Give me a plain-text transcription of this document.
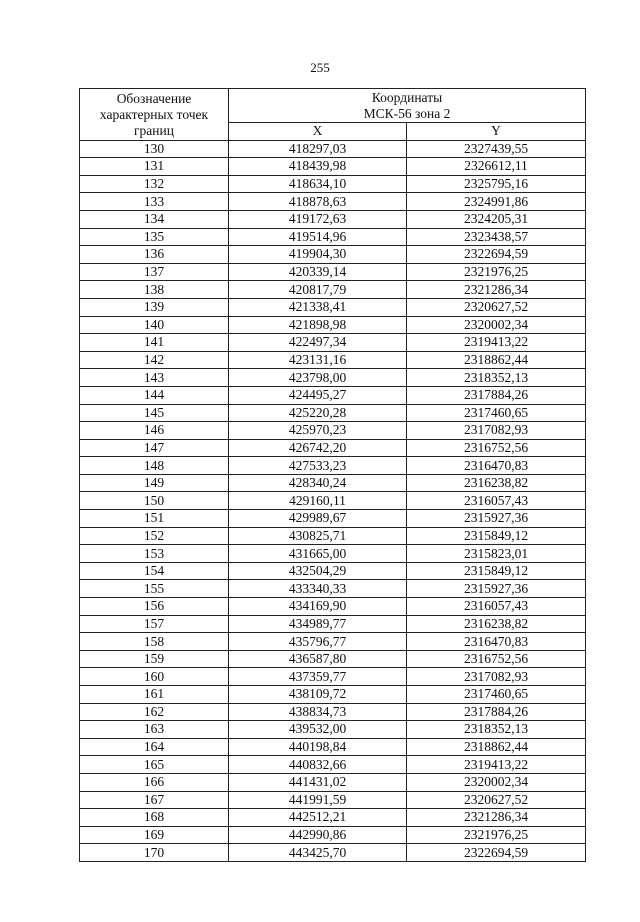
255
Обозначение
характерных точек
границ	Координаты
МСК-56 зона 2	

	X	Y
130	418297,03	2327439,55
131	418439,98	2326612,11
132	418634,10	2325795,16
133	418878,63	2324991,86
134	419172,63	2324205,31
135	419514,96	2323438,57
136	419904,30	2322694,59
137	420339,14	2321976,25
138	420817,79	2321286,34
139	421338,41	2320627,52
140	421898,98	2320002,34
141	422497,34	2319413,22
142	423131,16	2318862,44
143	423798,00	2318352,13
144	424495,27	2317884,26
145	425220,28	2317460,65
146	425970,23	2317082,93
147	426742,20	2316752,56
148	427533,23	2316470,83
149	428340,24	2316238,82
150	429160,11	2316057,43
151	429989,67	2315927,36
152	430825,71	2315849,12
153	431665,00	2315823,01
154	432504,29	2315849,12
155	433340,33	2315927,36
156	434169,90	2316057,43
157	434989,77	2316238,82
158	435796,77	2316470,83
159	436587,80	2316752,56
160	437359,77	2317082,93
161	438109,72	2317460,65
162	438834,73	2317884,26
163	439532,00	2318352,13
164	440198,84	2318862,44
165	440832,66	2319413,22
166	441431,02	2320002,34
167	441991,59	2320627,52
168	442512,21	2321286,34
169	442990,86	2321976,25
170	443425,70	2322694,59
